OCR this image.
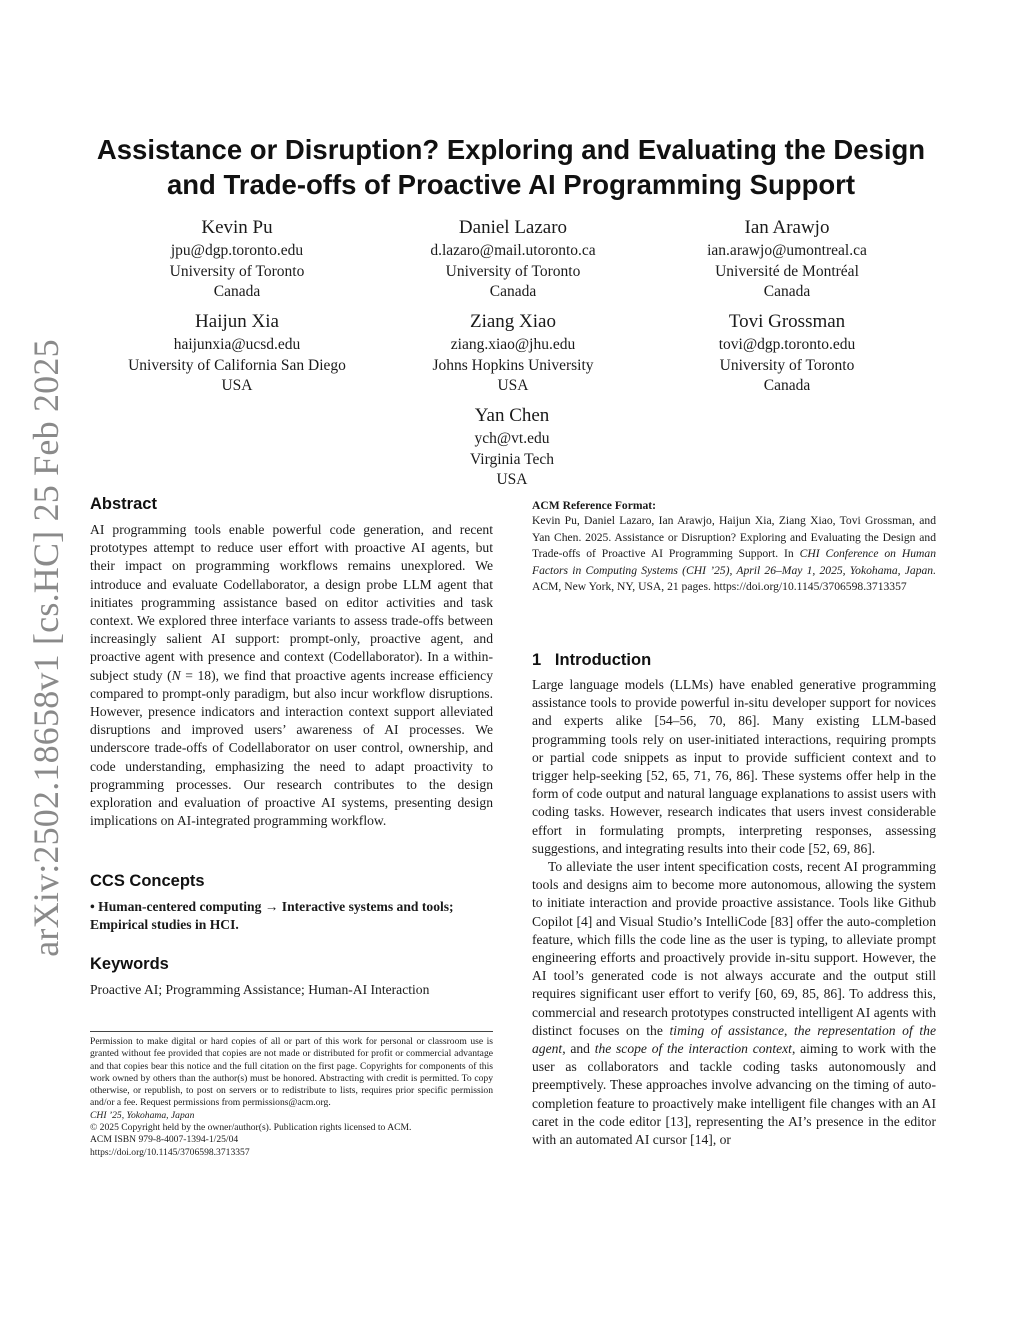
arXiv:2502.18658v1 [cs.HC] 25 Feb 2025
Assistance or Disruption? Exploring and Evaluating the Design and Trade-offs of Proactive AI Programming Support
Kevin Pu
jpu@dgp.toronto.edu
University of Toronto
Canada
Daniel Lazaro
d.lazaro@mail.utoronto.ca
University of Toronto
Canada
Ian Arawjo
ian.arawjo@umontreal.ca
Université de Montréal
Canada
Haijun Xia
haijunxia@ucsd.edu
University of California San Diego
USA
Ziang Xiao
ziang.xiao@jhu.edu
Johns Hopkins University
USA
Tovi Grossman
tovi@dgp.toronto.edu
University of Toronto
Canada
Yan Chen
ych@vt.edu
Virginia Tech
USA
Abstract

AI programming tools enable powerful code generation, and recent prototypes attempt to reduce user effort with proactive AI agents, but their impact on programming workflows remains unexplored. We introduce and evaluate Codellaborator, a design probe LLM agent that initiates programming assistance based on editor activities and task context. We explored three interface variants to assess trade-offs between increasingly salient AI support: prompt-only, proactive agent, and proactive agent with presence and context (Codellaborator). In a within-subject study (N = 18), we find that proactive agents increase efficiency compared to prompt-only paradigm, but also incur workflow disruptions. However, presence indicators and interaction context support alleviated disruptions and improved users’ awareness of AI processes. We underscore trade-offs of Codellaborator on user control, ownership, and code understanding, emphasizing the need to adapt proactivity to programming processes. Our research contributes to the design exploration and evaluation of proactive AI systems, presenting design implications on AI-integrated programming workflow.

CCS Concepts

• Human-centered computing → Interactive systems and tools; Empirical studies in HCI.

Keywords

Proactive AI; Programming Assistance; Human-AI Interaction

Permission to make digital or hard copies of all or part of this work for personal or classroom use is granted without fee provided that copies are not made or distributed for profit or commercial advantage and that copies bear this notice and the full citation on the first page. Copyrights for components of this work owned by others than the author(s) must be honored. Abstracting with credit is permitted. To copy otherwise, or republish, to post on servers or to redistribute to lists, requires prior specific permission and/or a fee. Request permissions from permissions@acm.org.
CHI ’25, Yokohama, Japan
© 2025 Copyright held by the owner/author(s). Publication rights licensed to ACM.
ACM ISBN 979-8-4007-1394-1/25/04
https://doi.org/10.1145/3706598.3713357
ACM Reference Format:
Kevin Pu, Daniel Lazaro, Ian Arawjo, Haijun Xia, Ziang Xiao, Tovi Grossman, and Yan Chen. 2025. Assistance or Disruption? Exploring and Evaluating the Design and Trade-offs of Proactive AI Programming Support. In CHI Conference on Human Factors in Computing Systems (CHI ’25), April 26–May 1, 2025, Yokohama, Japan. ACM, New York, NY, USA, 21 pages. https://doi.org/10.1145/3706598.3713357
1   Introduction

Large language models (LLMs) have enabled generative programming assistance tools to provide powerful in-situ developer support for novices and experts alike [54–56, 70, 86]. Many existing LLM-based programming tools rely on user-initiated interactions, requiring prompts or partial code snippets as input to provide sufficient context and to trigger help-seeking [52, 65, 71, 76, 86]. These systems offer help in the form of code output and natural language explanations to assist users with coding tasks. However, research indicates that users invest considerable effort in formulating prompts, interpreting responses, assessing suggestions, and integrating results into their code [52, 69, 86].

To alleviate the user intent specification costs, recent AI programming tools and designs aim to become more autonomous, allowing the system to initiate interaction and provide proactive assistance. Tools like Github Copilot [4] and Visual Studio’s IntelliCode [83] offer the auto-completion feature, which fills the code line as the user is typing, to alleviate prompt engineering efforts and proactively provide in-situ support. However, the AI tool’s generated code is not always accurate and the output still requires significant user effort to verify [60, 69, 85, 86]. To address this, commercial and research prototypes constructed intelligent AI agents with distinct focuses on the timing of assistance, the representation of the agent, and the scope of the interaction context, aiming to work with the user as collaborators and tackle coding tasks autonomously and preemptively. These approaches involve advancing on the timing of auto-completion feature to proactively make intelligent file changes with an AI caret in the code editor [13], representing the AI’s presence in the editor with an automated AI cursor [14], or
